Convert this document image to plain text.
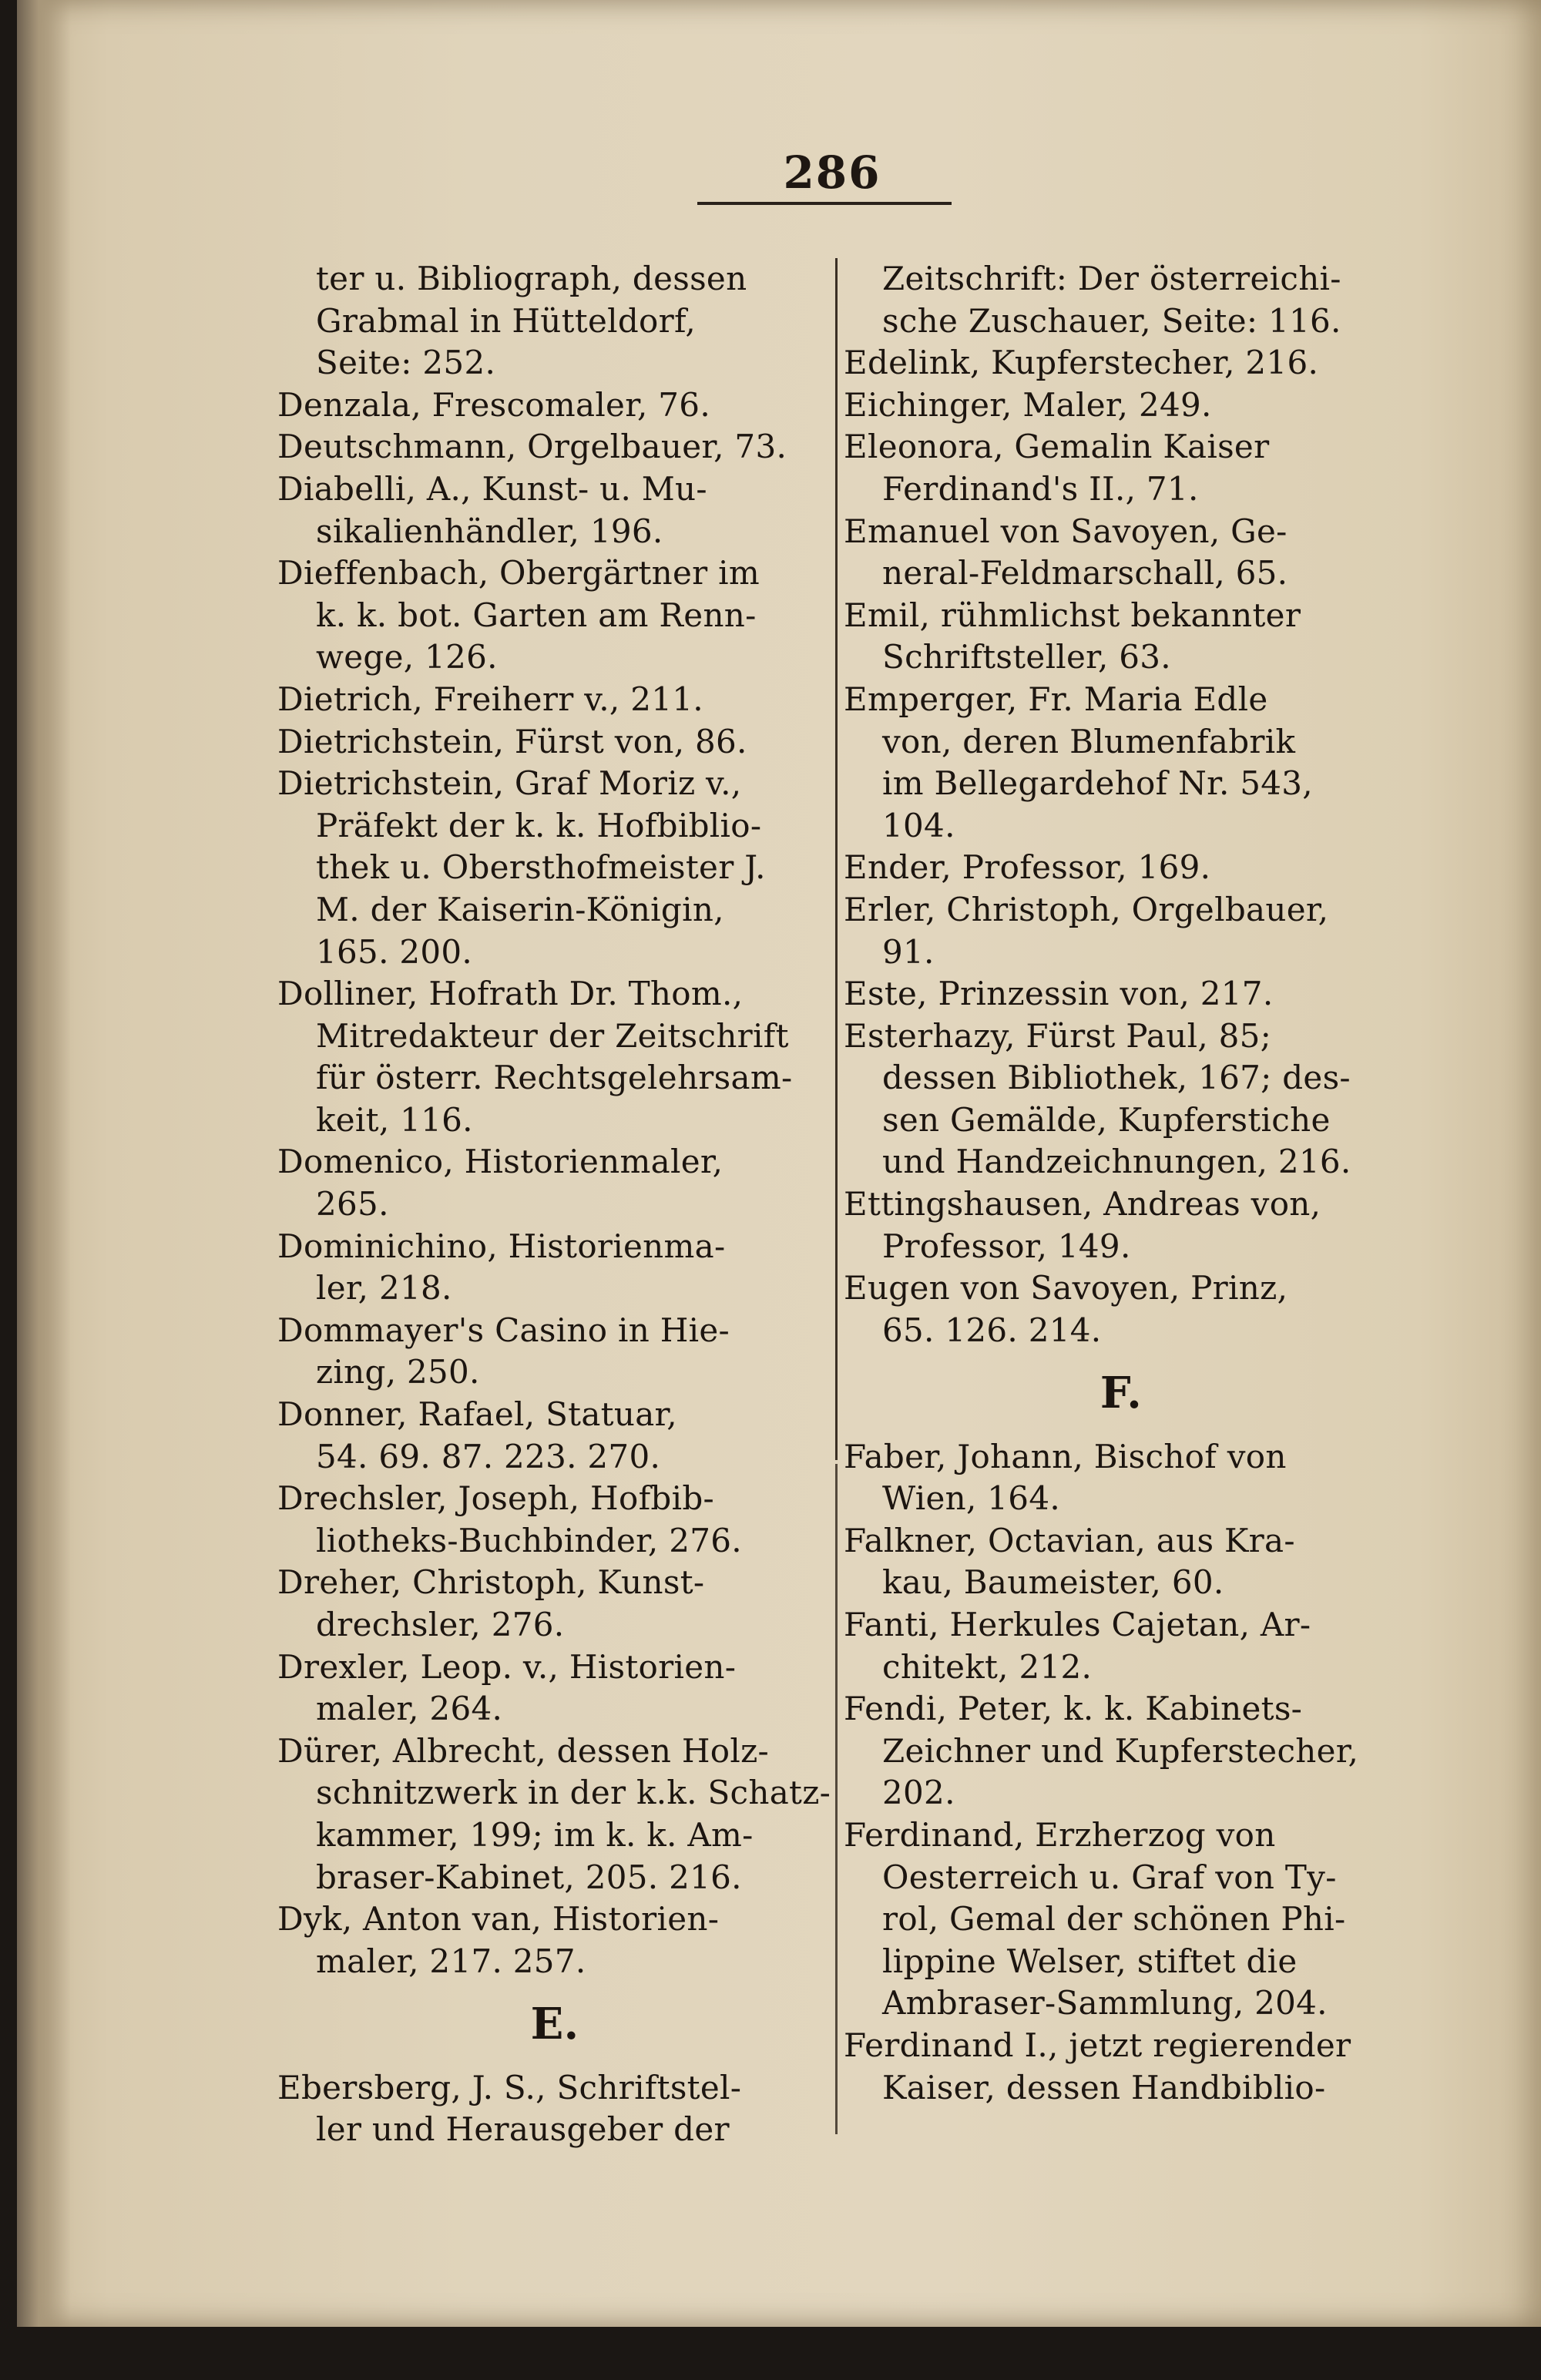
286
ter u. Bibliograph, dessen
Grabmal in Hütteldorf,
Seite: 252.
Denzala, Frescomaler, 76.
Deutschmann, Orgelbauer, 73.
Diabelli, A., Kunst- u. Mu-
sikalienhändler, 196.
Dieffenbach, Obergärtner im
k. k. bot. Garten am Renn-
wege, 126.
Dietrich, Freiherr v., 211.
Dietrichstein, Fürst von, 86.
Dietrichstein, Graf Moriz v.,
Präfekt der k. k. Hofbiblio-
thek u. Obersthofmeister J.
M. der Kaiserin-Königin,
165. 200.
Dolliner, Hofrath Dr. Thom.,
Mitredakteur der Zeitschrift
für österr. Rechtsgelehrsam-
keit, 116.
Domenico, Historienmaler,
265.
Dominichino, Historienma-
ler, 218.
Dommayer's Casino in Hie-
zing, 250.
Donner, Rafael, Statuar,
54. 69. 87. 223. 270.
Drechsler, Joseph, Hofbib-
liotheks-Buchbinder, 276.
Dreher, Christoph, Kunst-
drechsler, 276.
Drexler, Leop. v., Historien-
maler, 264.
Dürer, Albrecht, dessen Holz-
schnitzwerk in der k.k. Schatz-
kammer, 199; im k. k. Am-
braser-Kabinet, 205. 216.
Dyk, Anton van, Historien-
maler, 217. 257.
E.
Ebersberg, J. S., Schriftstel-
ler und Herausgeber der
Zeitschrift: Der österreichi-
sche Zuschauer, Seite: 116.
Edelink, Kupferstecher, 216.
Eichinger, Maler, 249.
Eleonora, Gemalin Kaiser
Ferdinand's II., 71.
Emanuel von Savoyen, Ge-
neral-Feldmarschall, 65.
Emil, rühmlichst bekannter
Schriftsteller, 63.
Emperger, Fr. Maria Edle
von, deren Blumenfabrik
im Bellegardehof Nr. 543,
104.
Ender, Professor, 169.
Erler, Christoph, Orgelbauer,
91.
Este, Prinzessin von, 217.
Esterhazy, Fürst Paul, 85;
dessen Bibliothek, 167; des-
sen Gemälde, Kupferstiche
und Handzeichnungen, 216.
Ettingshausen, Andreas von,
Professor, 149.
Eugen von Savoyen, Prinz,
65. 126. 214.
F.
Faber, Johann, Bischof von
Wien, 164.
Falkner, Octavian, aus Kra-
kau, Baumeister, 60.
Fanti, Herkules Cajetan, Ar-
chitekt, 212.
Fendi, Peter, k. k. Kabinets-
Zeichner und Kupferstecher,
202.
Ferdinand, Erzherzog von
Oesterreich u. Graf von Ty-
rol, Gemal der schönen Phi-
lippine Welser, stiftet die
Ambraser-Sammlung, 204.
Ferdinand I., jetzt regierender
Kaiser, dessen Handbiblio-
